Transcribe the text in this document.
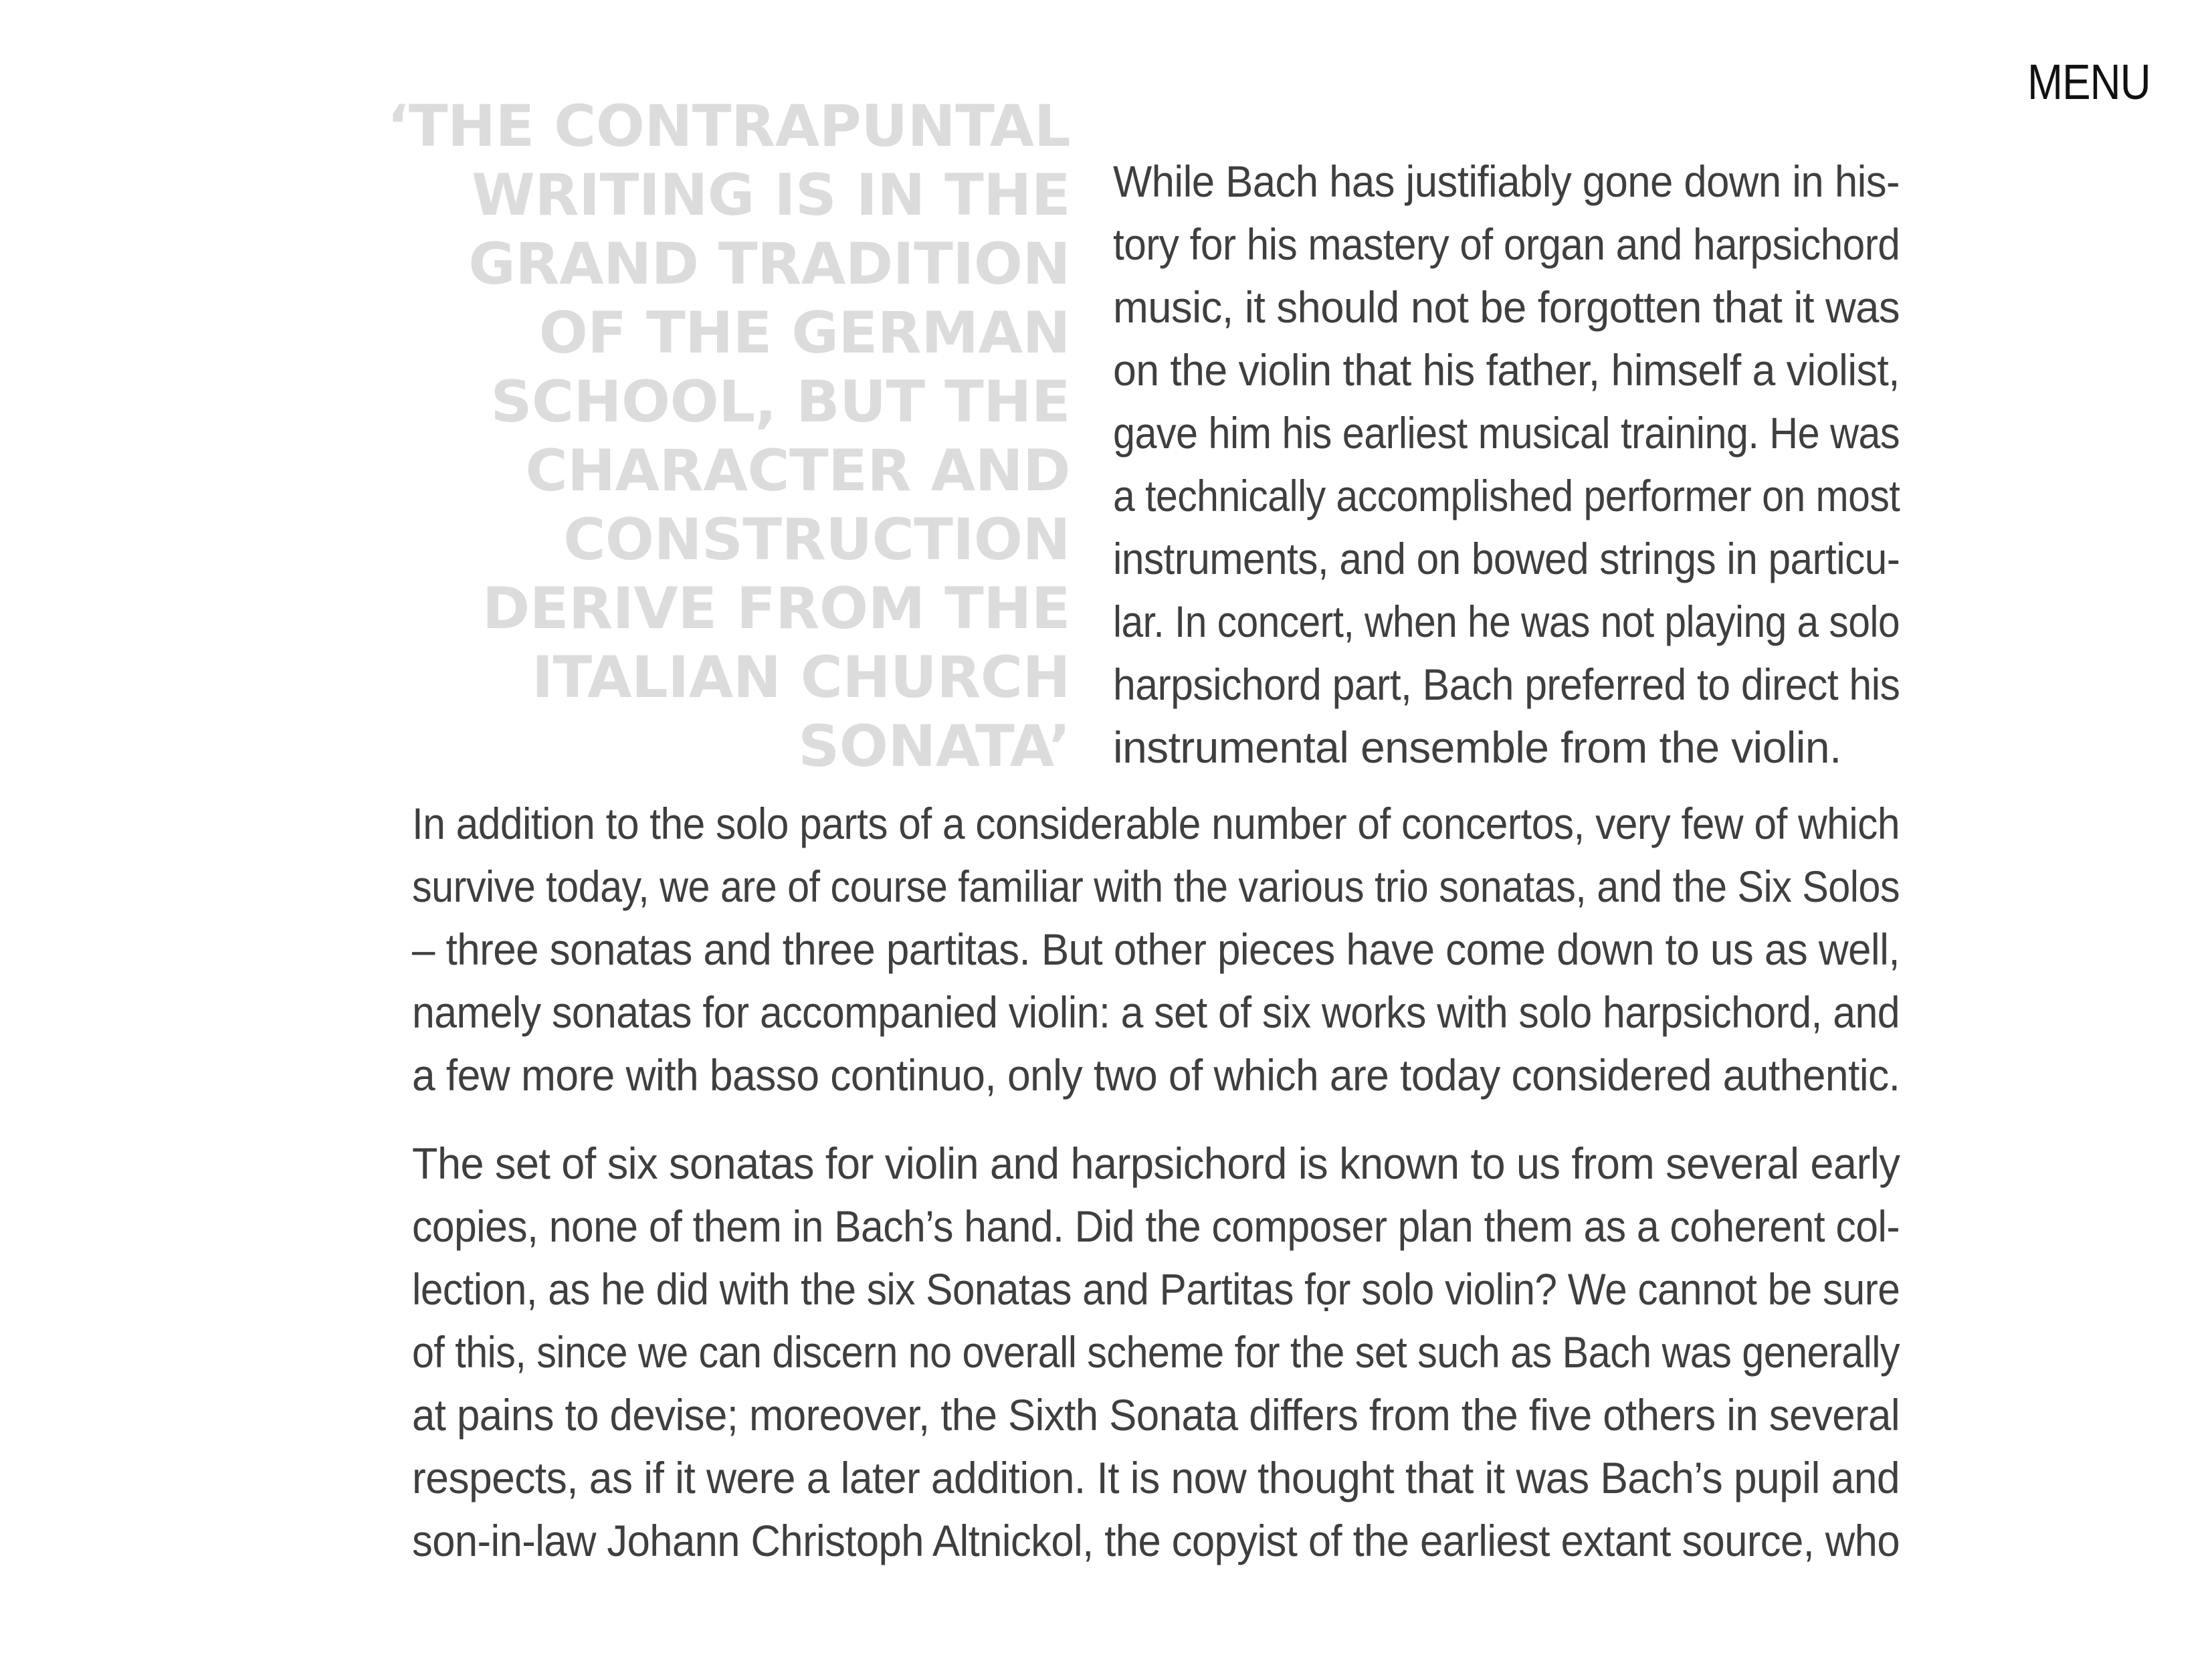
MENU
‘THE CONTRAPUNTAL
WRITING IS IN THE
GRAND TRADITION
OF THE GERMAN
SCHOOL, BUT THE
CHARACTER AND
CONSTRUCTION
DERIVE FROM THE
ITALIAN CHURCH
SONATA’
While Bach has justifiably gone down in his-
tory for his mastery of organ and harpsichord
music, it should not be forgotten that it was
on the violin that his father, himself a violist,
gave him his earliest musical training. He was
a technically accomplished performer on most
instruments, and on bowed strings in particu-
lar. In concert, when he was not playing a solo
harpsichord part, Bach preferred to direct his
instrumental ensemble from the violin.
In addition to the solo parts of a considerable number of concertos, very few of which
survive today, we are of course familiar with the various trio sonatas, and the Six Solos
– three sonatas and three partitas. But other pieces have come down to us as well,
namely sonatas for accompanied violin: a set of six works with solo harpsichord, and
a few more with basso continuo, only two of which are today considered authentic.
The set of six sonatas for violin and harpsichord is known to us from several early
copies, none of them in Bach’s hand. Did the composer plan them as a coherent col-
lection, as he did with the six Sonatas and Partitas fọr solo violin? We cannot be sure
of this, since we can discern no overall scheme for the set such as Bach was generally
at pains to devise; moreover, the Sixth Sonata differs from the five others in several
respects, as if it were a later addition. It is now thought that it was Bach’s pupil and
son-in-law Johann Christoph Altnickol, the copyist of the earliest extant source, who
